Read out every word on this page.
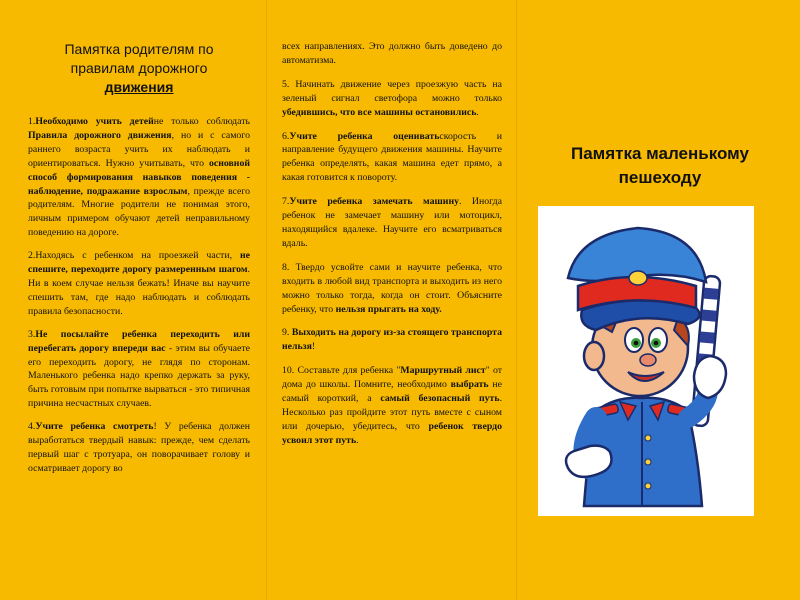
Памятка родителям по
правилам дорожного
движения

1.Необходимо учить детейне только соблюдать Правила дорожного движения, но и с самого раннего возраста учить их наблюдать и ориентироваться. Нужно учитывать, что основной способ формирования навыков поведения - наблюдение, подражание взрослым, прежде всего родителям. Многие родители не понимая этого, личным примером обучают детей неправильному поведению на дороге.

2.Находясь с ребенком на проезжей части, не спешите, переходите дорогу размеренным шагом. Ни в коем случае нельзя бежать! Иначе вы научите спешить там, где надо наблюдать и соблюдать правила безопасности.

3.Не посылайте ребенка переходить или перебегать дорогу впереди вас - этим вы обучаете его переходить дорогу, не глядя по сторонам. Маленького ребенка надо крепко держать за руку, быть готовым при попытке вырваться - это типичная причина несчастных случаев.

4.Учите ребенка смотреть! У ребенка должен выработаться твердый навык: прежде, чем сделать первый шаг с тротуара, он поворачивает голову и осматривает дорогу во

всех направлениях. Это должно быть доведено до автоматизма.

5. Начинать движение через проезжую часть на зеленый сигнал светофора можно только убедившись, что все машины остановились.

6.Учите ребенка оцениватьскорость и направление будущего движения машины. Научите ребенка определять, какая машина едет прямо, а какая готовится к повороту.

7.Учите ребенка замечать машину. Иногда ребенок не замечает машину или мотоцикл, находящийся вдалеке. Научите его всматриваться вдаль.

8. Твердо усвойте сами и научите ребенка, что входить в любой вид транспорта и выходить из него можно только тогда, когда он стоит. Объясните ребенку, что нельзя прыгать на ходу.

9. Выходить на дорогу из-за стоящего транспорта нельзя!

10. Составьте для ребенка "Маршрутный лист" от дома до школы. Помните, необходимо выбрать не самый короткий, а самый безопасный путь. Несколько раз пройдите этот путь вместе с сыном или дочерью, убедитесь, что ребенок твердо усвоил этот путь.

Памятка маленькому
пешеходу
